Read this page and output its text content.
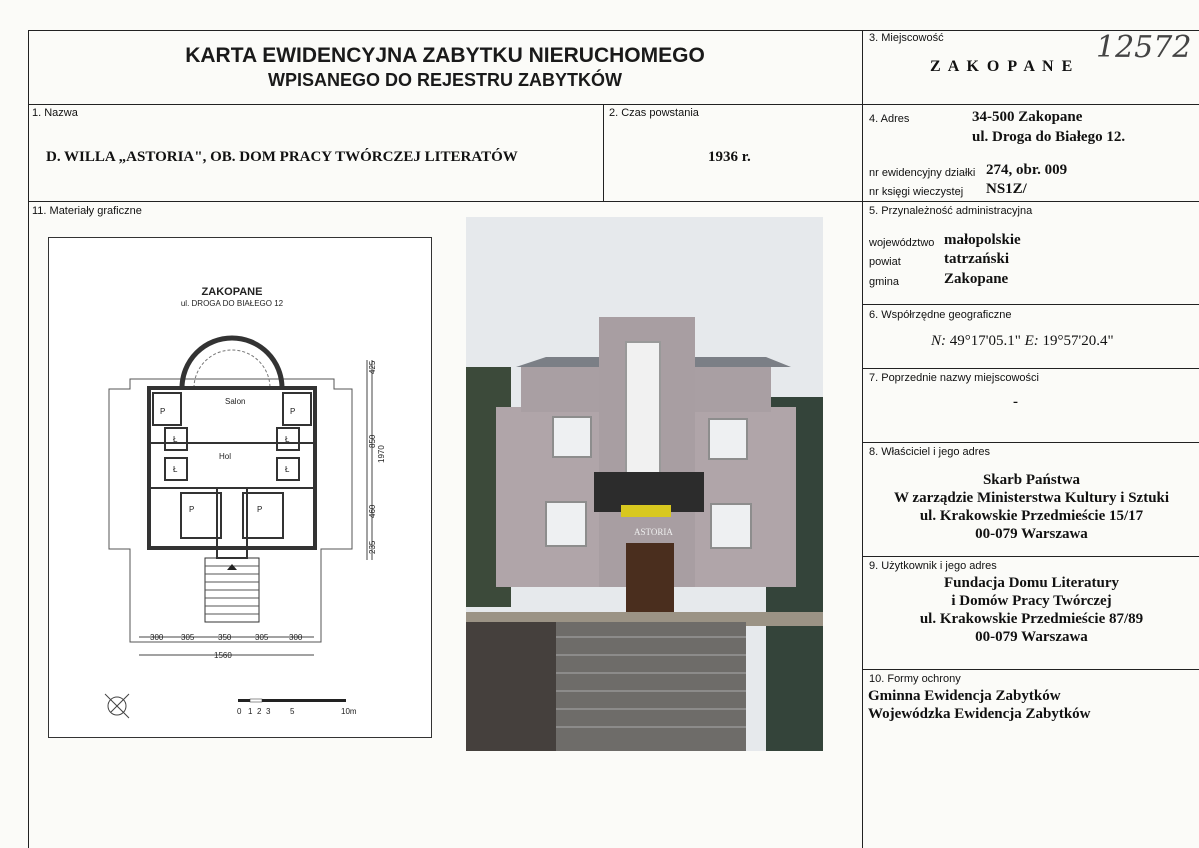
KARTA EWIDENCYJNA ZABYTKU NIERUCHOMEGO
WPISANEGO DO REJESTRU ZABYTKÓW
3. Miejscowość
Z A K O P A N E
12572
1. Nazwa
D. WILLA „ASTORIA", OB. DOM PRACY TWÓRCZEJ LITERATÓW
2. Czas powstania
1936 r.
4. Adres	34-500 Zakopane
ul. Droga do Białego 12.
nr ewidencyjny działki 274, obr. 009
nr księgi wieczystej NS1Z/
5. Przynależność administracyjna
województwo małopolskie
powiat	tatrzański
gmina	Zakopane
6. Współrzędne geograficzne
N: 49°17'05.1" E: 19°57'20.4"
7. Poprzednie nazwy miejscowości
-
8. Właściciel i jego adres
Skarb Państwa
W zarządzie Ministerstwa Kultury i Sztuki
ul. Krakowskie Przedmieście 15/17
00-079 Warszawa
9. Użytkownik i jego adres
Fundacja Domu Literatury
i Domów Pracy Twórczej
ul. Krakowskie Przedmieście 87/89
00-079 Warszawa
10. Formy ochrony
Gminna Ewidencja Zabytków
Wojewódzka Ewidencja Zabytków
11. Materiały graficzne
ZAKOPANE
ul. DROGA DO BIAŁEGO 12
Salon
Hol
P	P
Ł	Ł
Ł	Ł
P	P
425
850
460
235
1970
300 305	350	305	300
1560
0 1 2 3 5	10m
ASTORIA
